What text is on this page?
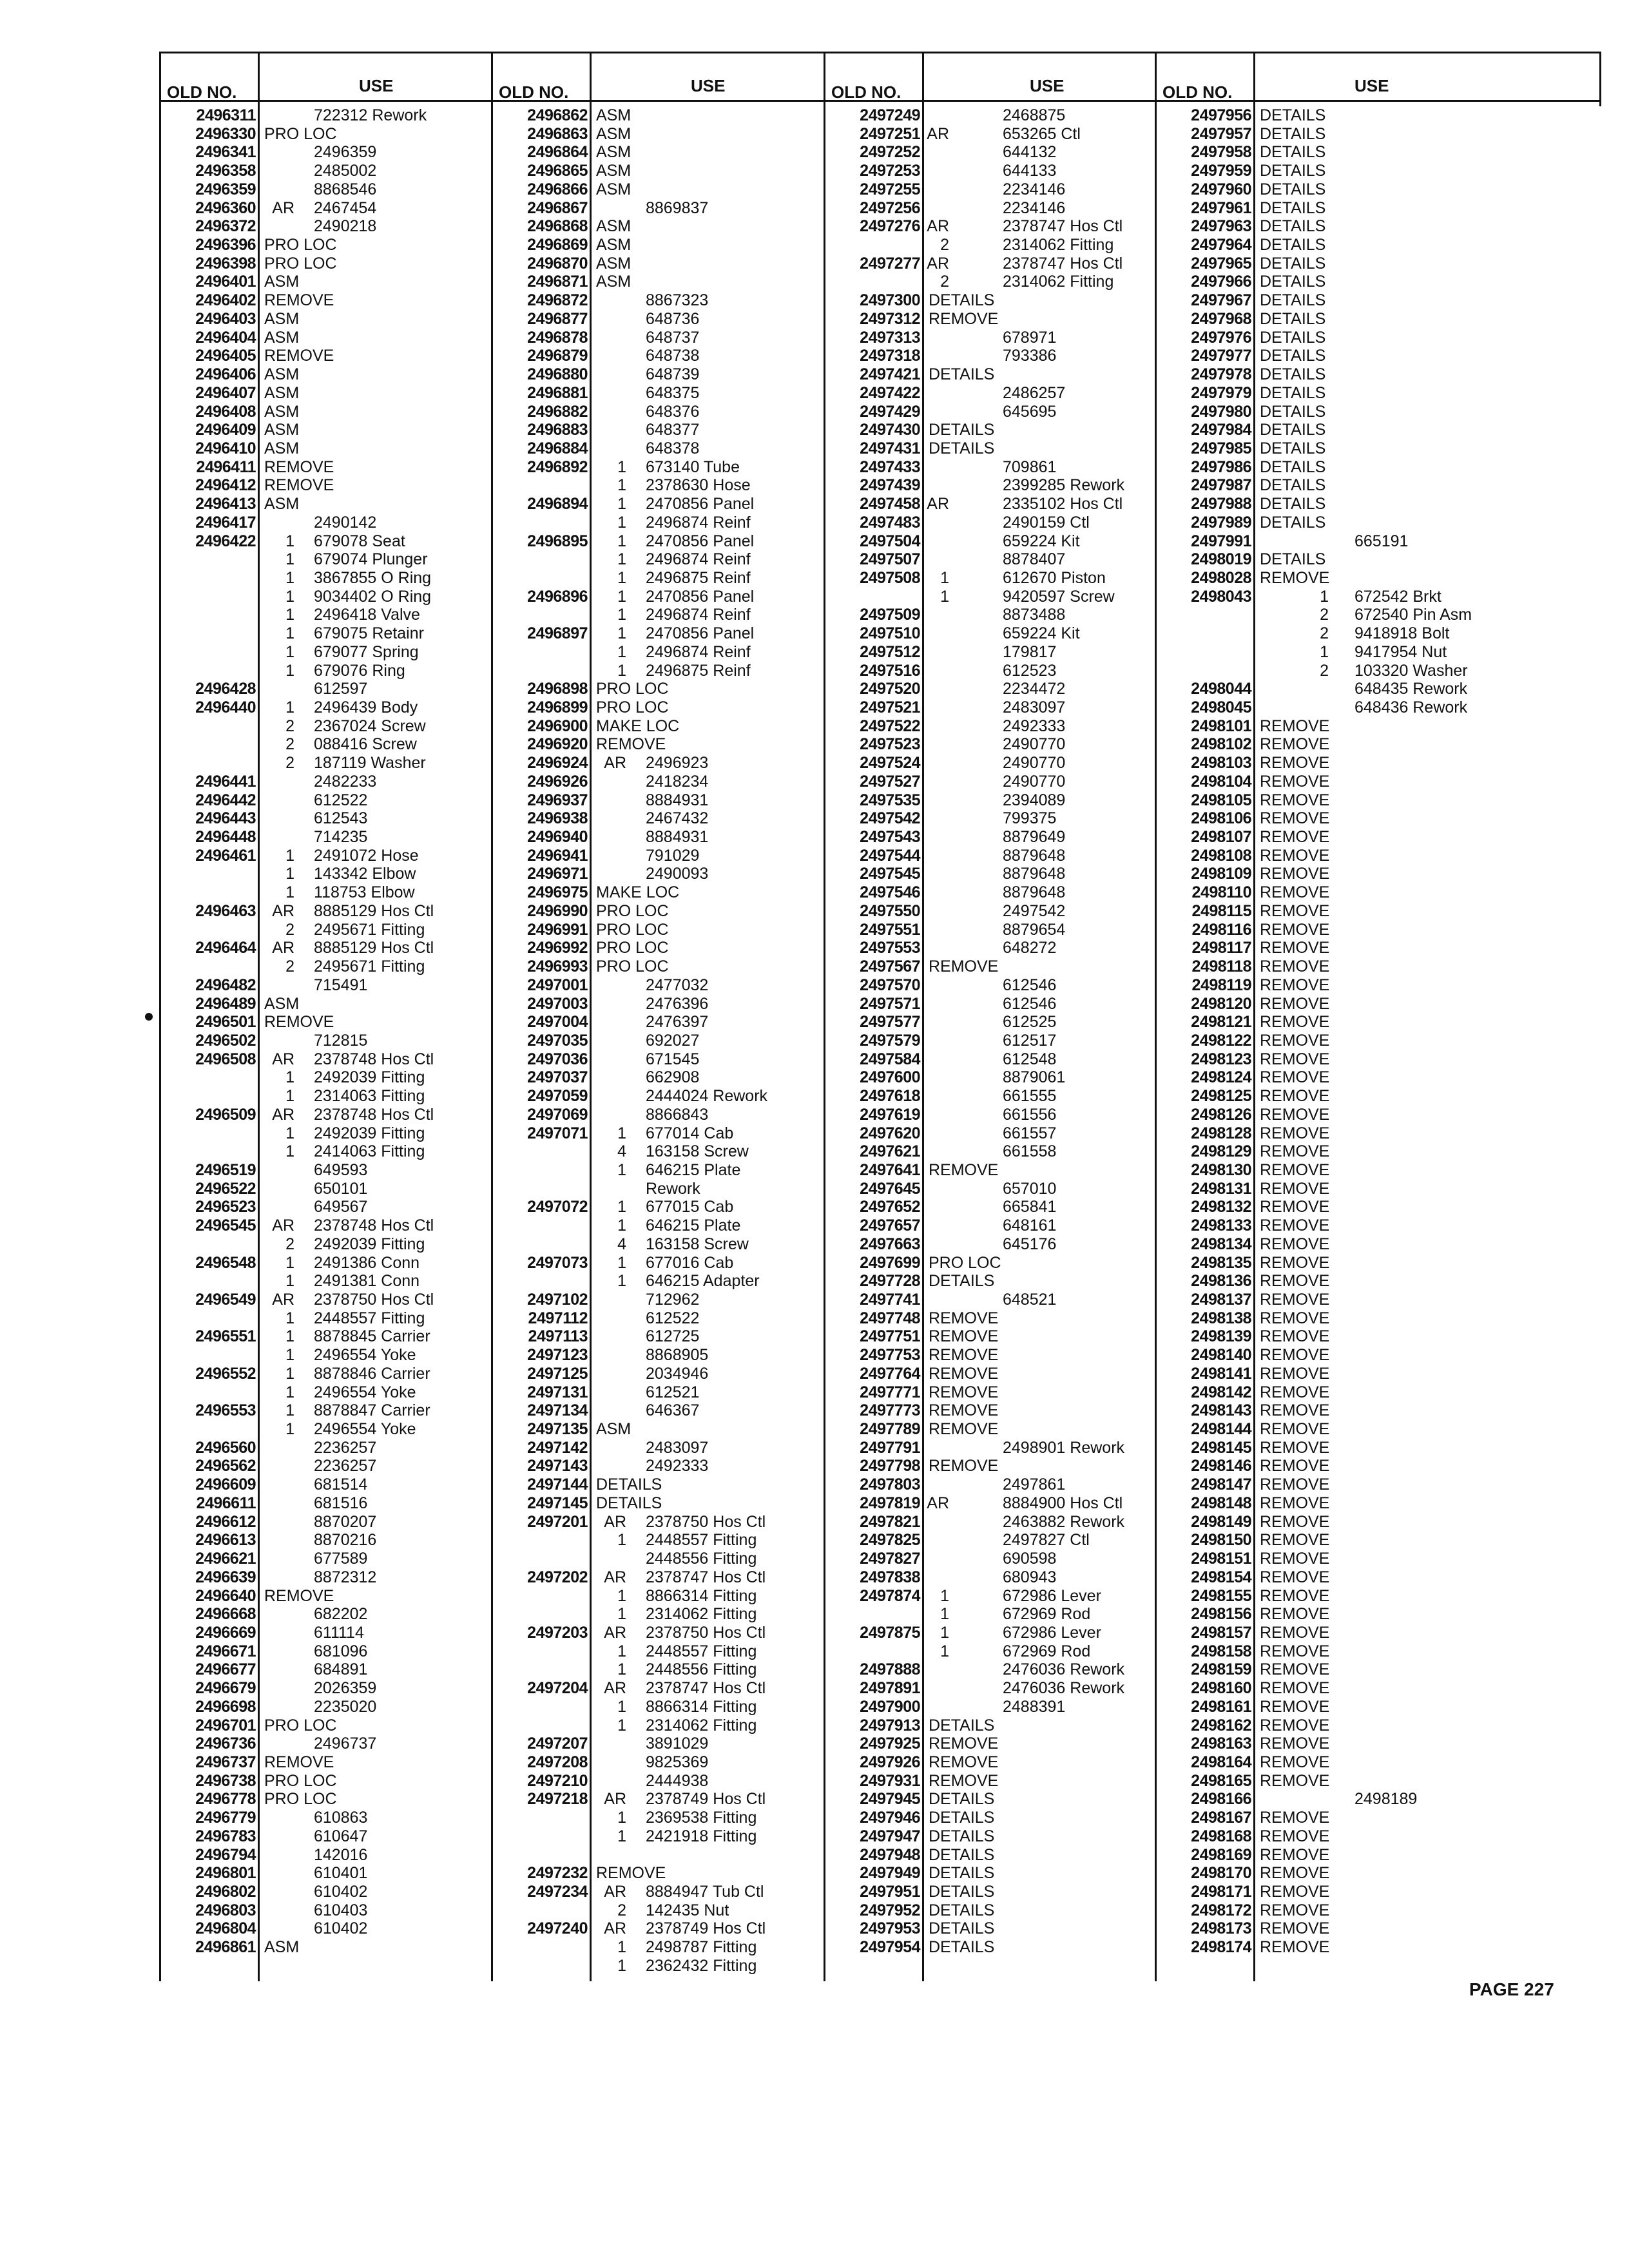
OLD NO.	USE
2496311	722312 Rework
2496330 PRO LOC
2496341	2496359
2496358	2485002
2496359	8868546
2496360 AR 2467454
2496372	2490218
2496396 PRO LOC
2496398 PRO LOC
2496401 ASM
2496402 REMOVE
2496403 ASM
2496404 ASM
2496405 REMOVE
2496406 ASM
2496407 ASM
2496408 ASM
2496409 ASM
2496410 ASM
2496411 REMOVE
2496412 REMOVE
2496413 ASM
2496417	2490142
2496422	1 679078 Seat
1 679074 Plunger
1 3867855 O Ring
1 9034402 O Ring
1 2496418 Valve
1 679075 Retainr
1 679077 Spring
1 679076 Ring
2496428	612597
2496440	1 2496439 Body
2 2367024 Screw
2 088416 Screw
2 187119 Washer
2496441	2482233
2496442	612522
2496443	612543
2496448	714235
2496461	1 2491072 Hose
1 143342 Elbow
1 118753 Elbow
2496463 AR 8885129 Hos Ctl
2 2495671 Fitting
2496464 AR 8885129 Hos Ctl
2 2495671 Fitting
2496482	715491
2496489 ASM
2496501 REMOVE
2496502	712815
2496508 AR 2378748 Hos Ctl
1 2492039 Fitting
1 2314063 Fitting
2496509 AR 2378748 Hos Ctl
1 2492039 Fitting
1 2414063 Fitting
2496519	649593
2496522	650101
2496523	649567
2496545 AR 2378748 Hos Ctl
2 2492039 Fitting
2496548	1 2491386 Conn
1 2491381 Conn
2496549 AR 2378750 Hos Ctl
1 2448557 Fitting
2496551	1 8878845 Carrier
1 2496554 Yoke
2496552	1 8878846 Carrier
1 2496554 Yoke
2496553	1 8878847 Carrier
1 2496554 Yoke
2496560	2236257
2496562	2236257
2496609	681514
2496611	681516
2496612	8870207
2496613	8870216
2496621	677589
2496639	8872312
2496640 REMOVE
2496668	682202
2496669	611114
2496671	681096
2496677	684891
2496679	2026359
2496698	2235020
2496701 PRO LOC
2496736	2496737
2496737 REMOVE
2496738 PRO LOC
2496778 PRO LOC
2496779	610863
2496783	610647
2496794	142016
2496801	610401
2496802	610402
2496803	610403
2496804	610402
2496861 ASM
OLD NO.	USE
2496862 ASM
2496863 ASM
2496864 ASM
2496865 ASM
2496866 ASM
2496867	8869837
2496868 ASM
2496869 ASM
2496870 ASM
2496871 ASM
2496872	8867323
2496877	648736
2496878	648737
2496879	648738
2496880	648739
2496881	648375
2496882	648376
2496883	648377
2496884	648378
2496892	1 673140 Tube
1 2378630 Hose
2496894	1 2470856 Panel
1 2496874 Reinf
2496895	1 2470856 Panel
1 2496874 Reinf
1 2496875 Reinf
2496896	1 2470856 Panel
1 2496874 Reinf
2496897	1 2470856 Panel
1 2496874 Reinf
1 2496875 Reinf
2496898 PRO LOC
2496899 PRO LOC
2496900 MAKE LOC
2496920 REMOVE
2496924 AR 2496923
2496926	2418234
2496937	8884931
2496938	2467432
2496940	8884931
2496941	791029
2496971	2490093
2496975 MAKE LOC
2496990 PRO LOC
2496991 PRO LOC
2496992 PRO LOC
2496993 PRO LOC
2497001	2477032
2497003	2476396
2497004	2476397
2497035	692027
2497036	671545
2497037	662908
2497059	2444024 Rework
2497069	8866843
2497071	1 677014 Cab
4 163158 Screw
1 646215 Plate
Rework
2497072	1 677015 Cab
1 646215 Plate
4 163158 Screw
2497073	1 677016 Cab
1 646215 Adapter
2497102	712962
2497112	612522
2497113	612725
2497123	8868905
2497125	2034946
2497131	612521
2497134	646367
2497135 ASM
2497142	2483097
2497143	2492333
2497144 DETAILS
2497145 DETAILS
2497201 AR 2378750 Hos Ctl
1 2448557 Fitting
2448556 Fitting
2497202 AR 2378747 Hos Ctl
1 8866314 Fitting
1 2314062 Fitting
2497203 AR 2378750 Hos Ctl
1 2448557 Fitting
1 2448556 Fitting
2497204 AR 2378747 Hos Ctl
1 8866314 Fitting
1 2314062 Fitting
2497207	3891029
2497208	9825369
2497210	2444938
2497218 AR 2378749 Hos Ctl
1 2369538 Fitting
1 2421918 Fitting
2497232 REMOVE
2497234 AR 8884947 Tub Ctl
2 142435 Nut
2497240 AR 2378749 Hos Ctl
1 2498787 Fitting
1 2362432 Fitting
OLD NO.	USE
2497249	2468875
2497251 AR	653265 Ctl
2497252	644132
2497253	644133
2497255	2234146
2497256	2234146
2497276 AR	2378747 Hos Ctl
2	2314062 Fitting
2497277 AR	2378747 Hos Ctl
2	2314062 Fitting
2497300 DETAILS
2497312 REMOVE
2497313	678971
2497318	793386
2497421 DETAILS
2497422	2486257
2497429	645695
2497430 DETAILS
2497431 DETAILS
2497433	709861
2497439	2399285 Rework
2497458 AR	2335102 Hos Ctl
2497483	2490159 Ctl
2497504	659224 Kit
2497507	8878407
2497508	1	612670 Piston
1	9420597 Screw
2497509	8873488
2497510	659224 Kit
2497512	179817
2497516	612523
2497520	2234472
2497521	2483097
2497522	2492333
2497523	2490770
2497524	2490770
2497527	2490770
2497535	2394089
2497542	799375
2497543	8879649
2497544	8879648
2497545	8879648
2497546	8879648
2497550	2497542
2497551	8879654
2497553	648272
2497567 REMOVE
2497570	612546
2497571	612546
2497577	612525
2497579	612517
2497584	612548
2497600	8879061
2497618	661555
2497619	661556
2497620	661557
2497621	661558
2497641 REMOVE
2497645	657010
2497652	665841
2497657	648161
2497663	645176
2497699 PRO LOC
2497728 DETAILS
2497741	648521
2497748 REMOVE
2497751 REMOVE
2497753 REMOVE
2497764 REMOVE
2497771 REMOVE
2497773 REMOVE
2497789 REMOVE
2497791	2498901 Rework
2497798 REMOVE
2497803	2497861
2497819 AR	8884900 Hos Ctl
2497821	2463882 Rework
2497825	2497827 Ctl
2497827	690598
2497838	680943
2497874	1	672986 Lever
1	672969 Rod
2497875	1	672986 Lever
1	672969 Rod
2497888	2476036 Rework
2497891	2476036 Rework
2497900	2488391
2497913 DETAILS
2497925 REMOVE
2497926 REMOVE
2497931 REMOVE
2497945 DETAILS
2497946 DETAILS
2497947 DETAILS
2497948 DETAILS
2497949 DETAILS
2497951 DETAILS
2497952 DETAILS
2497953 DETAILS
2497954 DETAILS
OLD NO.	USE
2497956 DETAILS
2497957 DETAILS
2497958 DETAILS
2497959 DETAILS
2497960 DETAILS
2497961 DETAILS
2497963 DETAILS
2497964 DETAILS
2497965 DETAILS
2497966 DETAILS
2497967 DETAILS
2497968 DETAILS
2497976 DETAILS
2497977 DETAILS
2497978 DETAILS
2497979 DETAILS
2497980 DETAILS
2497984 DETAILS
2497985 DETAILS
2497986 DETAILS
2497987 DETAILS
2497988 DETAILS
2497989 DETAILS
2497991	665191
2498019 DETAILS
2498028 REMOVE
2498043	1 672542 Brkt
2 672540 Pin Asm
2 9418918 Bolt
1 9417954 Nut
2 103320 Washer
2498044	648435 Rework
2498045	648436 Rework
2498101 REMOVE
2498102 REMOVE
2498103 REMOVE
2498104 REMOVE
2498105 REMOVE
2498106 REMOVE
2498107 REMOVE
2498108 REMOVE
2498109 REMOVE
2498110 REMOVE
2498115 REMOVE
2498116 REMOVE
2498117 REMOVE
2498118 REMOVE
2498119 REMOVE
2498120 REMOVE
2498121 REMOVE
2498122 REMOVE
2498123 REMOVE
2498124 REMOVE
2498125 REMOVE
2498126 REMOVE
2498128 REMOVE
2498129 REMOVE
2498130 REMOVE
2498131 REMOVE
2498132 REMOVE
2498133 REMOVE
2498134 REMOVE
2498135 REMOVE
2498136 REMOVE
2498137 REMOVE
2498138 REMOVE
2498139 REMOVE
2498140 REMOVE
2498141 REMOVE
2498142 REMOVE
2498143 REMOVE
2498144 REMOVE
2498145 REMOVE
2498146 REMOVE
2498147 REMOVE
2498148 REMOVE
2498149 REMOVE
2498150 REMOVE
2498151 REMOVE
2498154 REMOVE
2498155 REMOVE
2498156 REMOVE
2498157 REMOVE
2498158 REMOVE
2498159 REMOVE
2498160 REMOVE
2498161 REMOVE
2498162 REMOVE
2498163 REMOVE
2498164 REMOVE
2498165 REMOVE
2498166	2498189
2498167 REMOVE
2498168 REMOVE
2498169 REMOVE
2498170 REMOVE
2498171 REMOVE
2498172 REMOVE
2498173 REMOVE
2498174 REMOVE
PAGE 227
